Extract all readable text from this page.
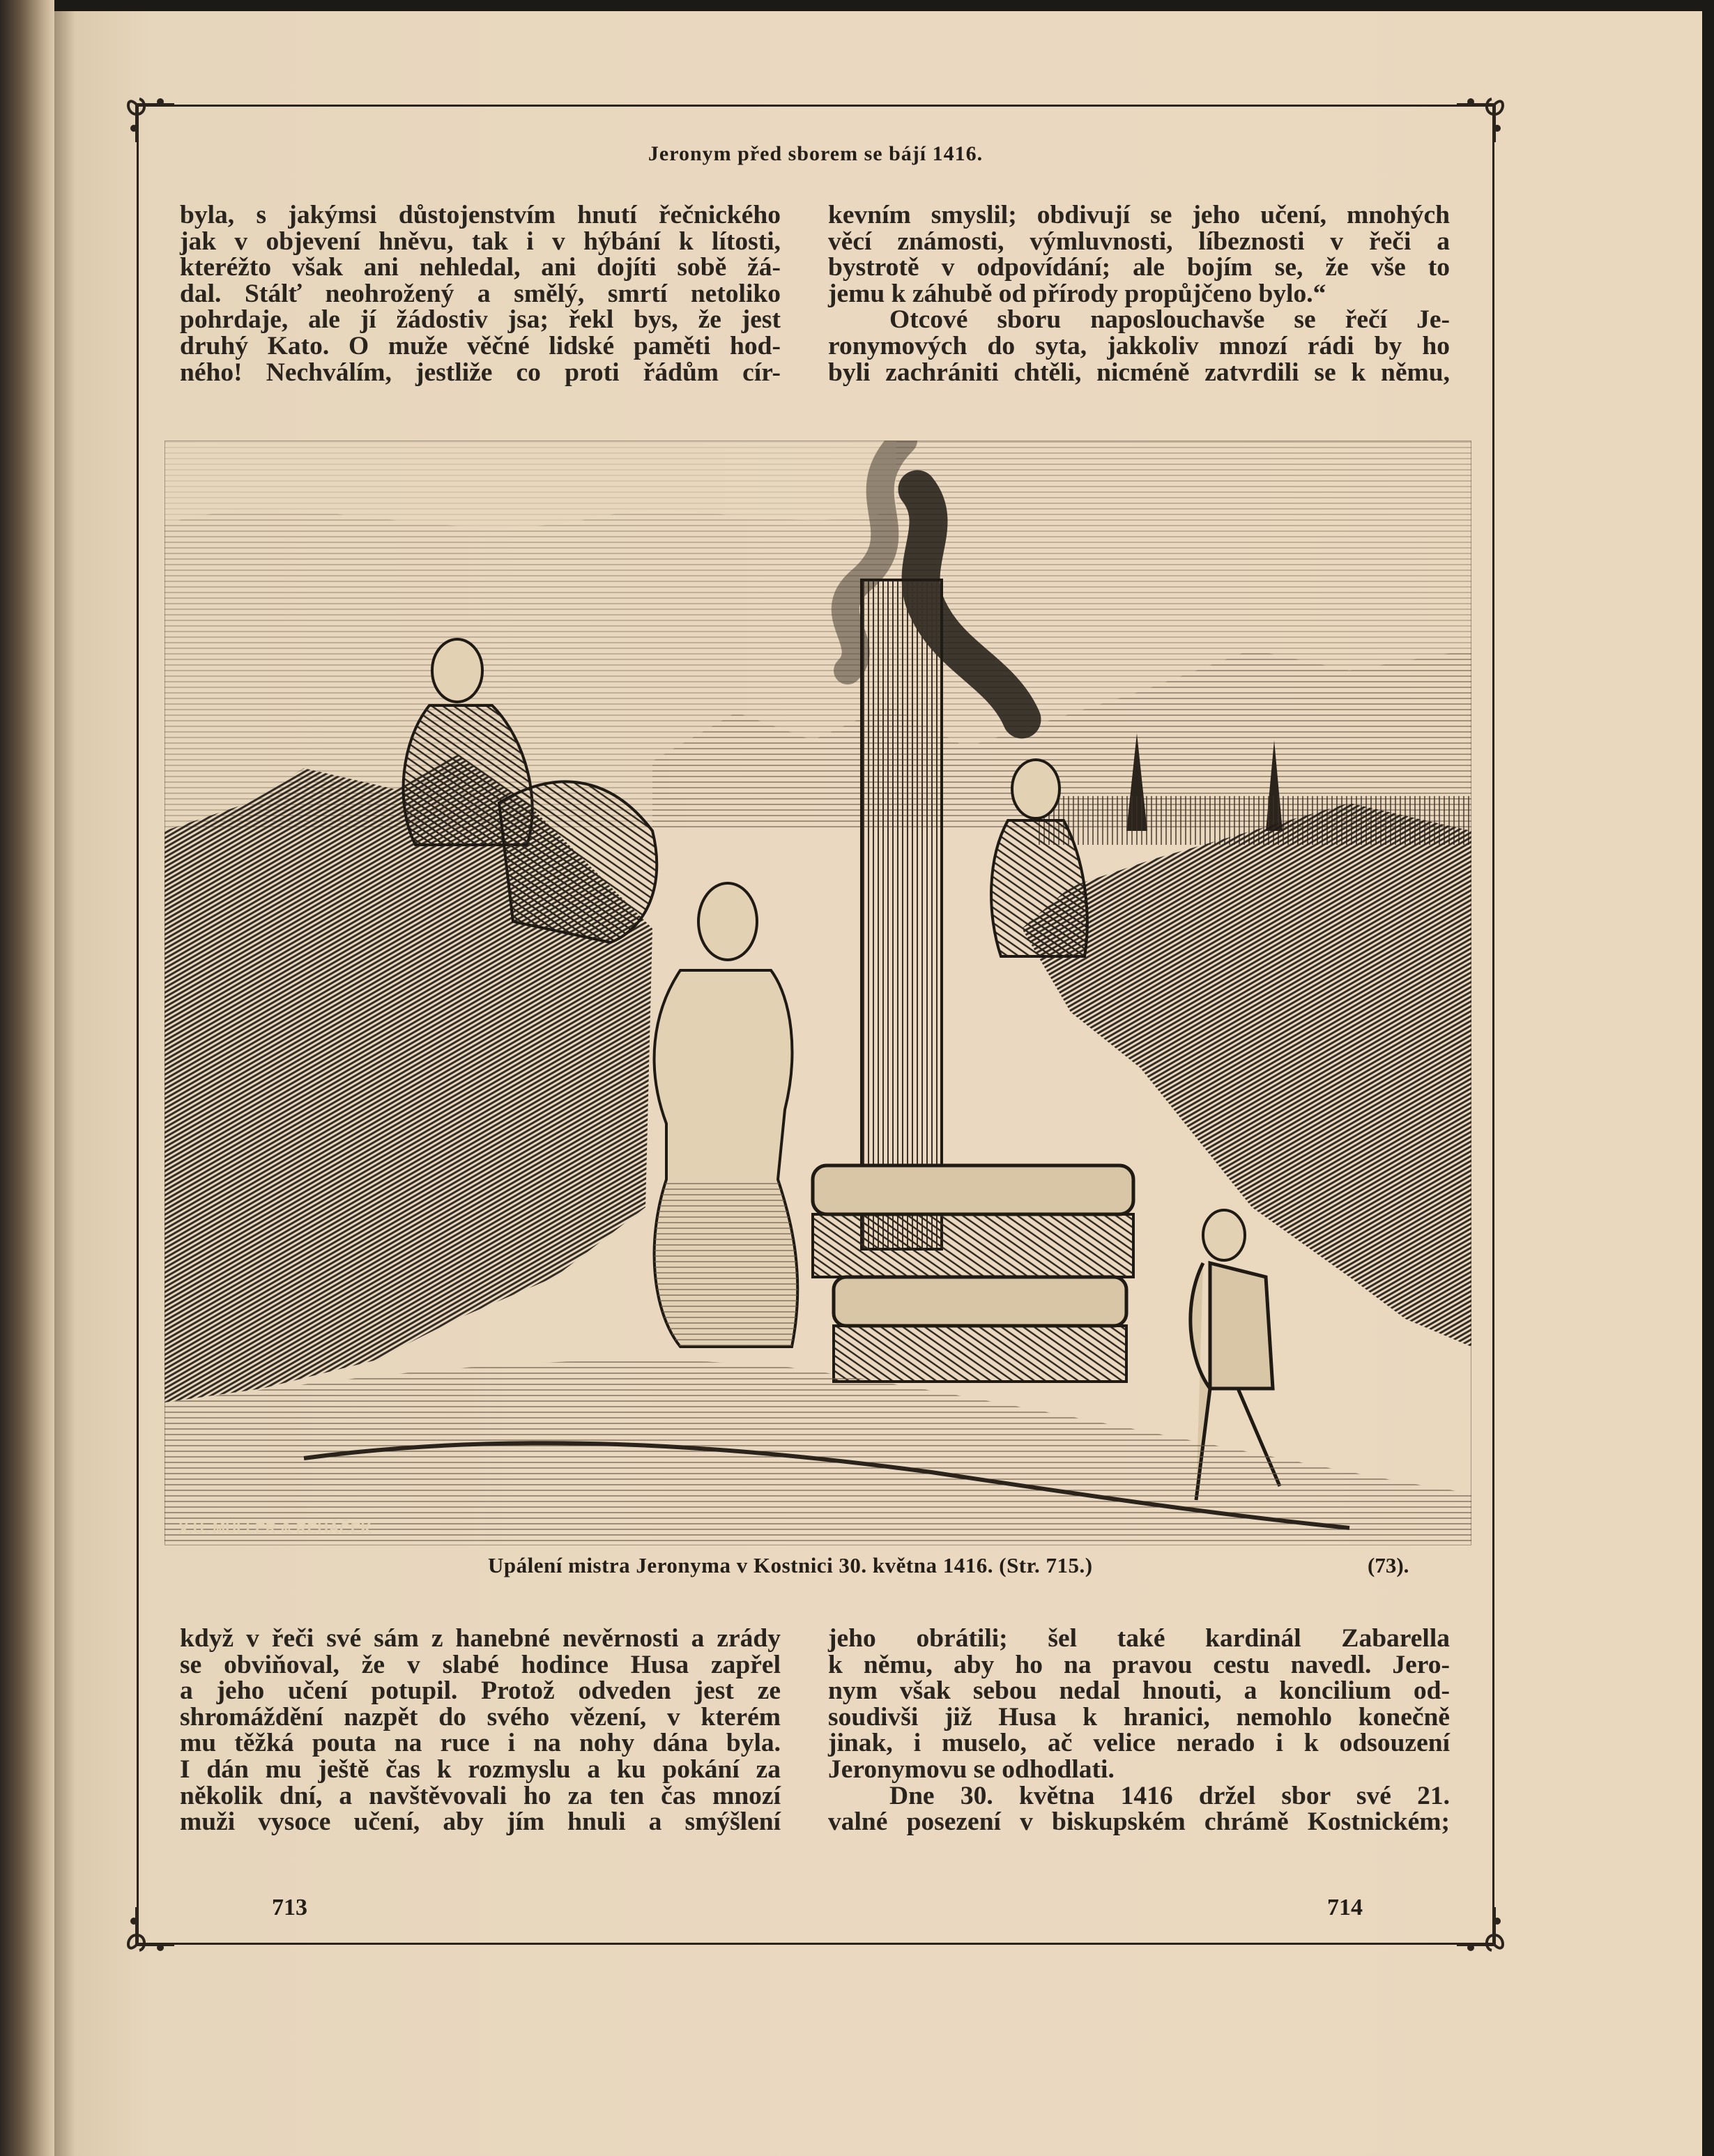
Jeronym před sborem se bájí 1416.
byla, s jakýmsi důstojenstvím hnutí řečnického
jak v objevení hněvu, tak i v hýbání k lítosti,
kteréžto však ani nehledal, ani dojíti sobě žá-
dal. Stálť neohrožený a smělý, smrtí netoliko
pohrdaje, ale jí žádostiv jsa; řekl bys, že jest
druhý Kato. O muže věčné lidské paměti hod-
ného! Nechválím, jestliže co proti řádům cír-
kevním smyslil; obdivují se jeho učení, mnohých
věcí známosti, výmluvnosti, líbeznosti v řeči a
bystrotě v odpovídání; ale bojím se, že vše to
jemu k záhubě od přírody propůjčeno bylo.“
Otcové sboru naposlouchavše se řečí Je-
ronymových do syta, jakkoliv mnozí rádi by ho
byli zachrániti chtěli, nicméně zatvrdili se k němu,
X.U. MÜLLER & REHÁČEK
Upálení mistra Jeronyma v Kostnici 30. května 1416. (Str. 715.)	(73).
když v řeči své sám z hanebné nevěrnosti a zrády
se obviňoval, že v slabé hodince Husa zapřel
a jeho učení potupil. Protož odveden jest ze
shromáždění nazpět do svého vězení, v kterém
mu těžká pouta na ruce i na nohy dána byla.
I dán mu ještě čas k rozmyslu a ku pokání za
několik dní, a navštěvovali ho za ten čas mnozí
muži vysoce učení, aby jím hnuli a smýšlení
jeho obrátili; šel také kardinál Zabarella
k němu, aby ho na pravou cestu navedl. Jero-
nym však sebou nedal hnouti, a koncilium od-
soudivši již Husa k hranici, nemohlo konečně
jinak, i muselo, ač velice nerado i k odsouzení
Jeronymovu se odhodlati.
Dne 30. května 1416 držel sbor své 21.
valné posezení v biskupském chrámě Kostnickém;
713	714
